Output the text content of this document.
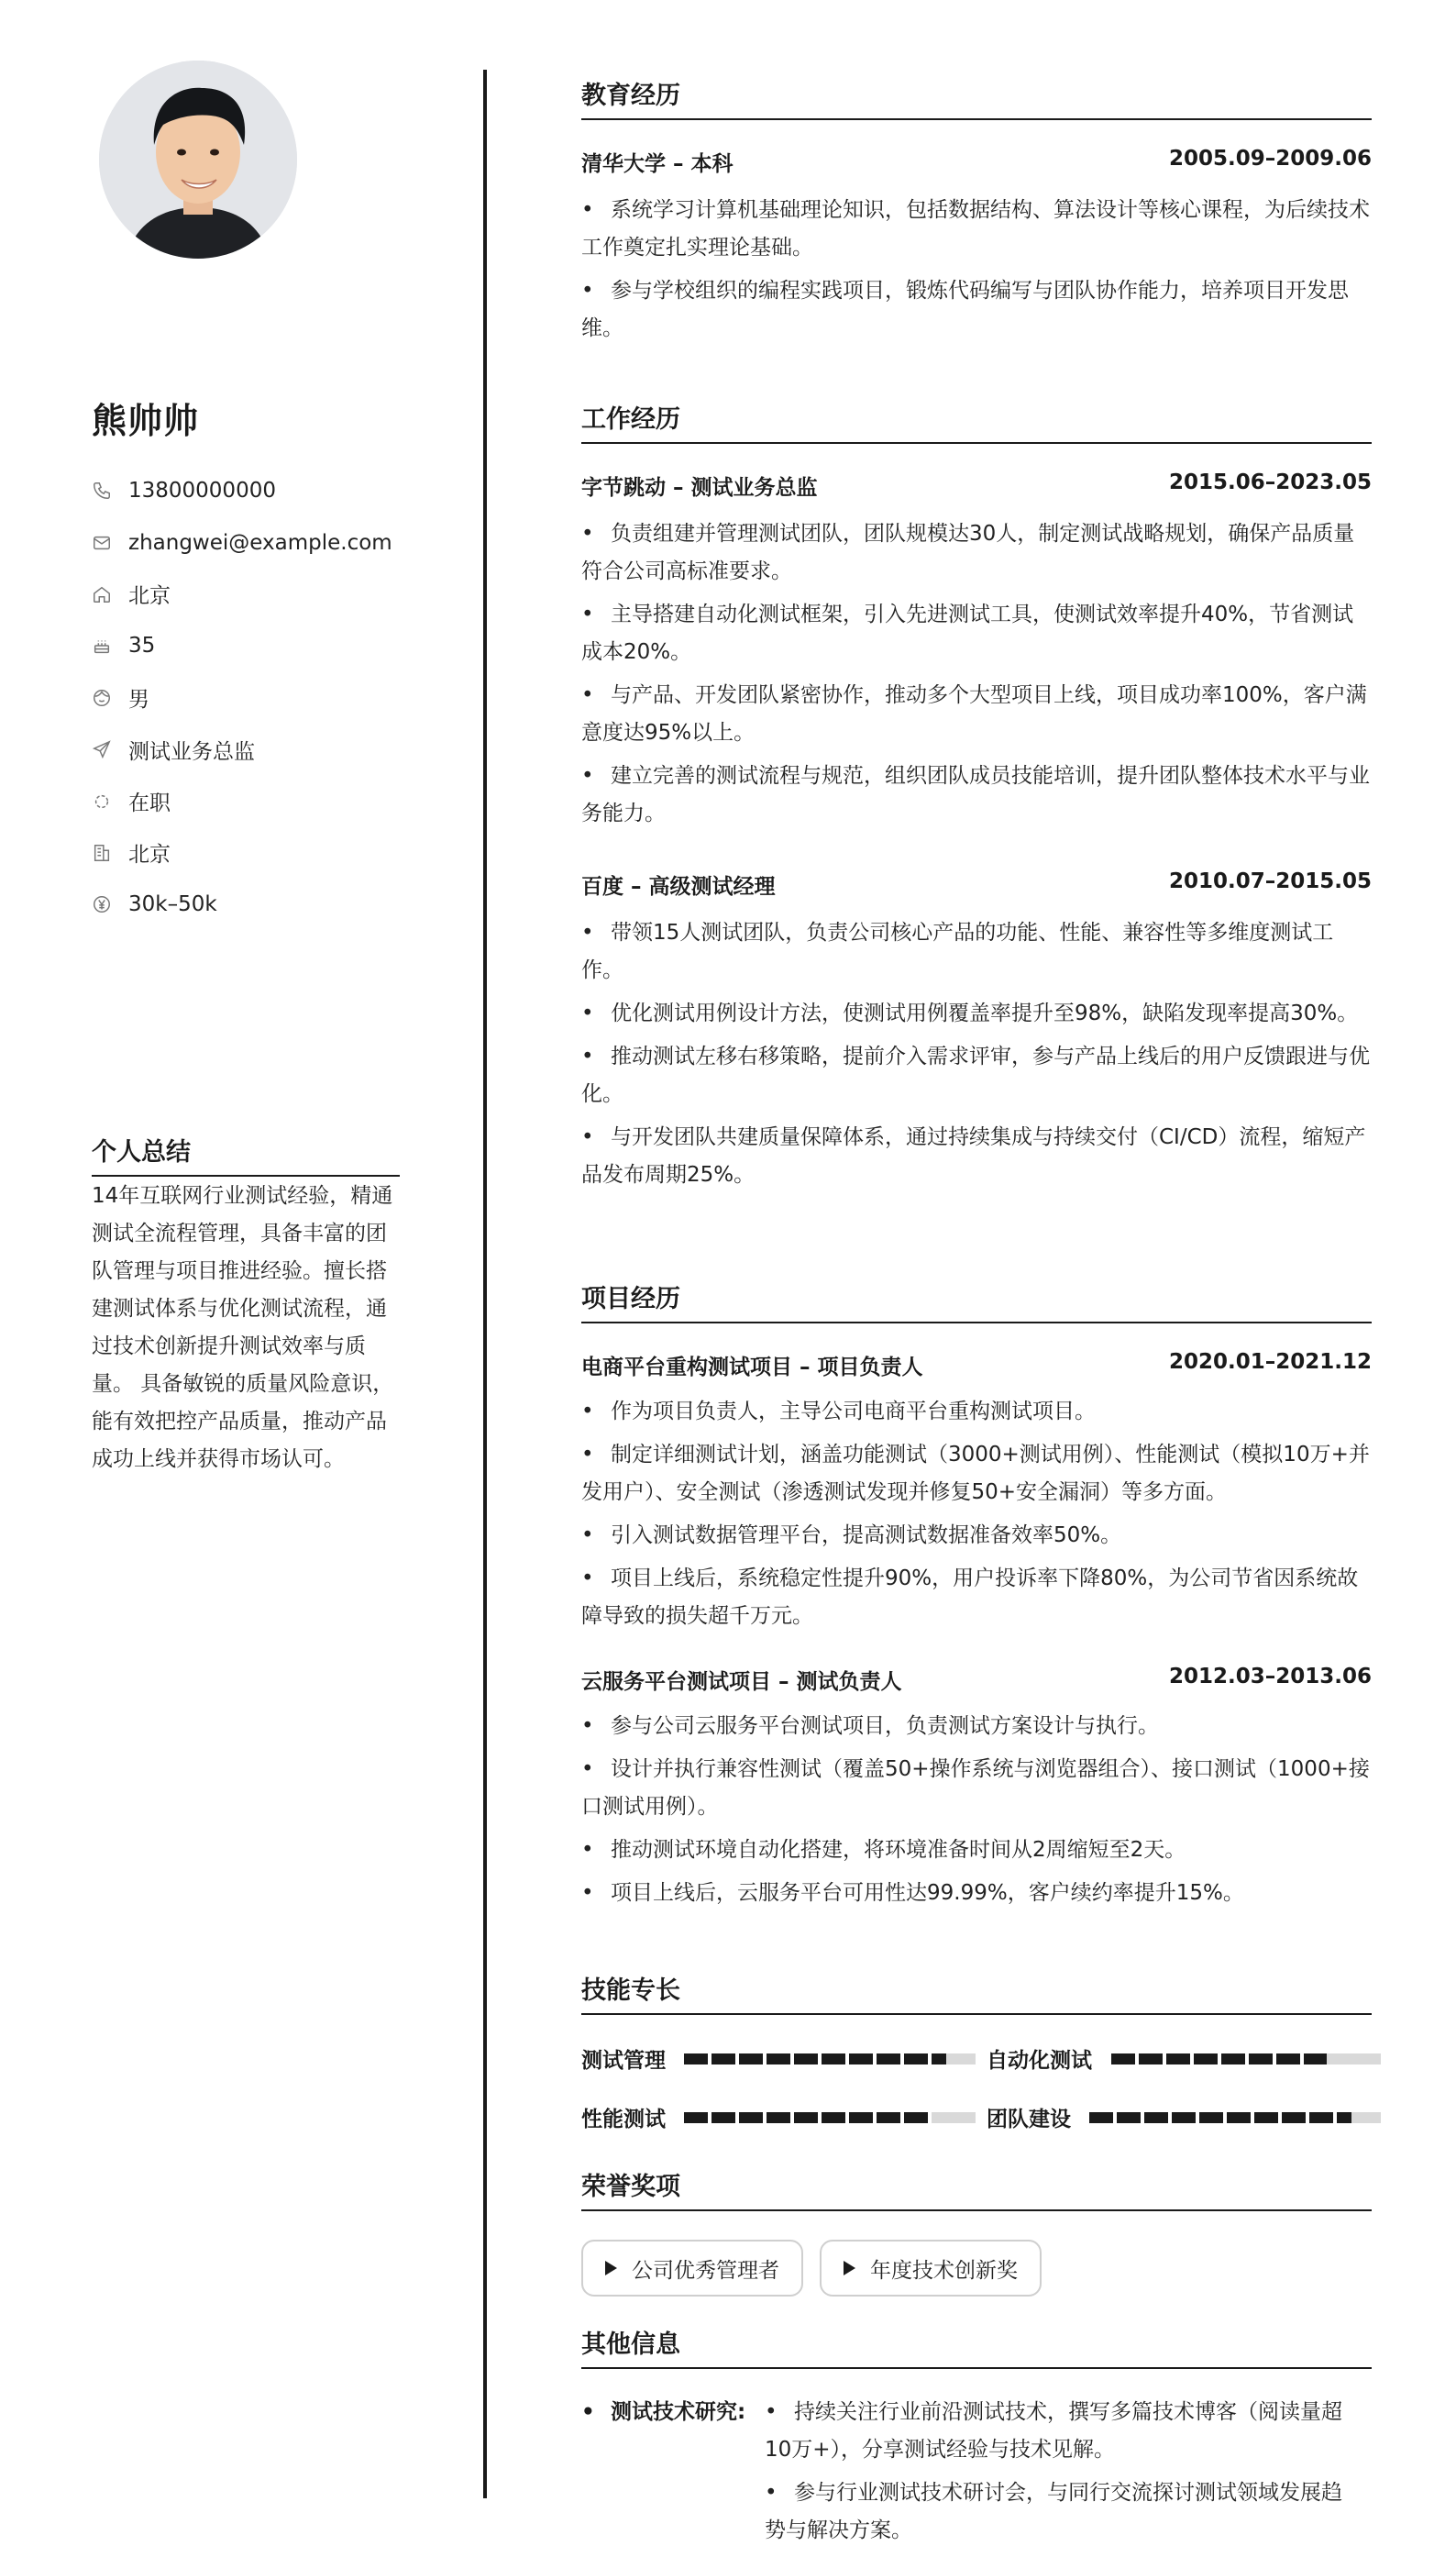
熊帅帅
13800000000
zhangwei@example.com
北京
35
男
测试业务总监
在职
北京
30k–50k
个人总结
14年互联网行业测试经验，精通测试全流程管理，具备丰富的团队管理与项目推进经验。擅长搭建测试体系与优化测试流程，通过技术创新提升测试效率与质量。 具备敏锐的质量风险意识，能有效把控产品质量，推动产品成功上线并获得市场认可。
教育经历
清华大学 – 本科	2005.09–2009.06
• 系统学习计算机基础理论知识，包括数据结构、算法设计等核心课程，为后续技术工作奠定扎实理论基础。
• 参与学校组织的编程实践项目，锻炼代码编写与团队协作能力，培养项目开发思维。
工作经历
字节跳动 – 测试业务总监	2015.06–2023.05
• 负责组建并管理测试团队，团队规模达30人，制定测试战略规划，确保产品质量符合公司高标准要求。
• 主导搭建自动化测试框架，引入先进测试工具，使测试效率提升40%，节省测试成本20%。
• 与产品、开发团队紧密协作，推动多个大型项目上线，项目成功率100%，客户满意度达95%以上。
• 建立完善的测试流程与规范，组织团队成员技能培训，提升团队整体技术水平与业务能力。
百度 – 高级测试经理	2010.07–2015.05
• 带领15人测试团队，负责公司核心产品的功能、性能、兼容性等多维度测试工作。
• 优化测试用例设计方法，使测试用例覆盖率提升至98%，缺陷发现率提高30%。
• 推动测试左移右移策略，提前介入需求评审，参与产品上线后的用户反馈跟进与优化。
• 与开发团队共建质量保障体系，通过持续集成与持续交付（CI/CD）流程，缩短产品发布周期25%。
项目经历
电商平台重构测试项目 – 项目负责人	2020.01–2021.12
• 作为项目负责人，主导公司电商平台重构测试项目。
• 制定详细测试计划，涵盖功能测试（3000+测试用例）、性能测试（模拟10万+并发用户）、安全测试（渗透测试发现并修复50+安全漏洞）等多方面。
• 引入测试数据管理平台，提高测试数据准备效率50%。
• 项目上线后，系统稳定性提升90%，用户投诉率下降80%，为公司节省因系统故障导致的损失超千万元。
云服务平台测试项目 – 测试负责人	2012.03–2013.06
• 参与公司云服务平台测试项目，负责测试方案设计与执行。
• 设计并执行兼容性测试（覆盖50+操作系统与浏览器组合）、接口测试（1000+接口测试用例）。
• 推动测试环境自动化搭建，将环境准备时间从2周缩短至2天。
• 项目上线后，云服务平台可用性达99.99%，客户续约率提升15%。
技能专长
测试管理	自动化测试
性能测试	团队建设
荣誉奖项
公司优秀管理者	年度技术创新奖
其他信息
• 测试技术研究:
•	持续关注行业前沿测试技术，撰写多篇技术博客（阅读量超10万+），分享测试经验与技术见解。
• 参与行业测试技术研讨会，与同行交流探讨测试领域发展趋势与解决方案。
